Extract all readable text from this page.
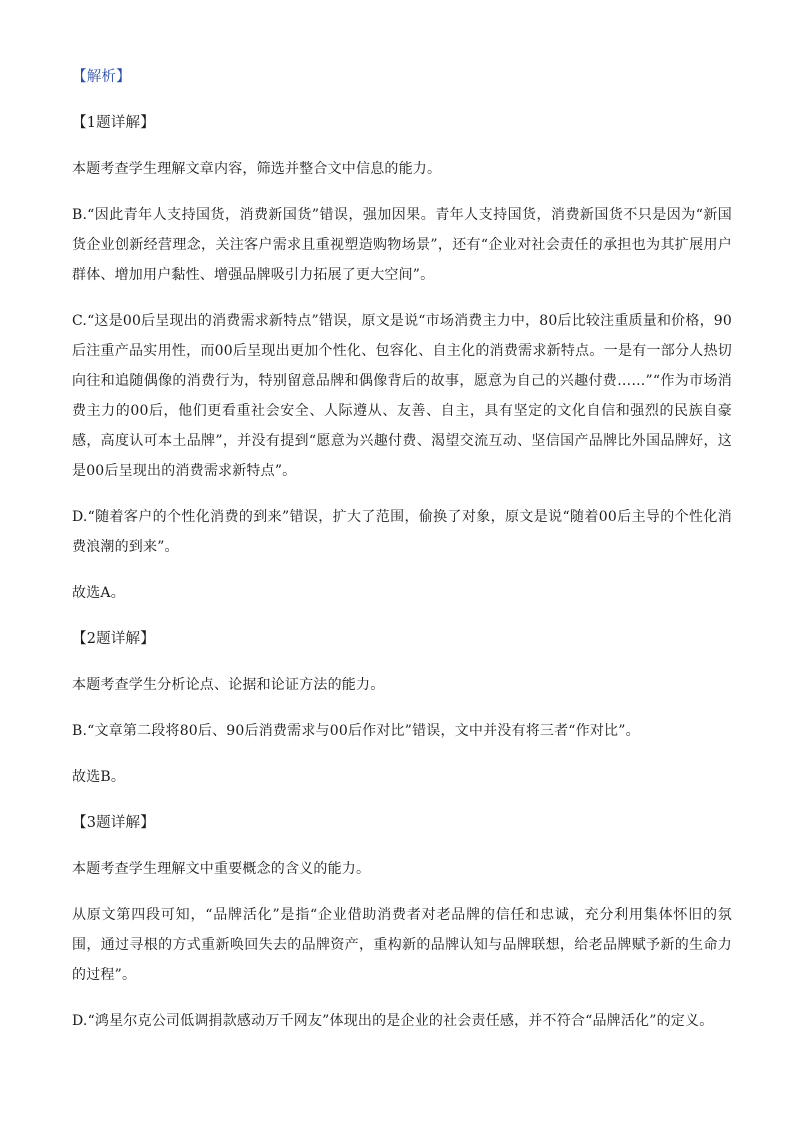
【解析】

【1题详解】

本题考查学生理解文章内容，筛选并整合文中信息的能力。

B.“因此青年人支持国货，消费新国货”错误，强加因果。青年人支持国货，消费新国货不只是因为“新国货企业创新经营理念，关注客户需求且重视塑造购物场景”，还有“企业对社会责任的承担也为其扩展用户群体、增加用户黏性、增强品牌吸引力拓展了更大空间”。

C.“这是00后呈现出的消费需求新特点”错误，原文是说“市场消费主力中，80后比较注重质量和价格，90后注重产品实用性，而00后呈现出更加个性化、包容化、自主化的消费需求新特点。一是有一部分人热切向往和追随偶像的消费行为，特别留意品牌和偶像背后的故事，愿意为自己的兴趣付费……”“作为市场消费主力的00后，他们更看重社会安全、人际遵从、友善、自主，具有坚定的文化自信和强烈的民族自豪感，高度认可本土品牌”，并没有提到“愿意为兴趣付费、渴望交流互动、坚信国产品牌比外国品牌好，这是00后呈现出的消费需求新特点”。

D.“随着客户的个性化消费的到来”错误，扩大了范围，偷换了对象，原文是说“随着00后主导的个性化消费浪潮的到来”。

故选A。

【2题详解】

本题考查学生分析论点、论据和论证方法的能力。

B.“文章第二段将80后、90后消费需求与00后作对比”错误，文中并没有将三者“作对比”。

故选B。

【3题详解】

本题考查学生理解文中重要概念的含义的能力。

从原文第四段可知，“品牌活化”是指“企业借助消费者对老品牌的信任和忠诚，充分利用集体怀旧的氛围，通过寻根的方式重新唤回失去的品牌资产，重构新的品牌认知与品牌联想，给老品牌赋予新的生命力的过程”。

D.“鸿星尔克公司低调捐款感动万千网友”体现出的是企业的社会责任感，并不符合“品牌活化”的定义。
